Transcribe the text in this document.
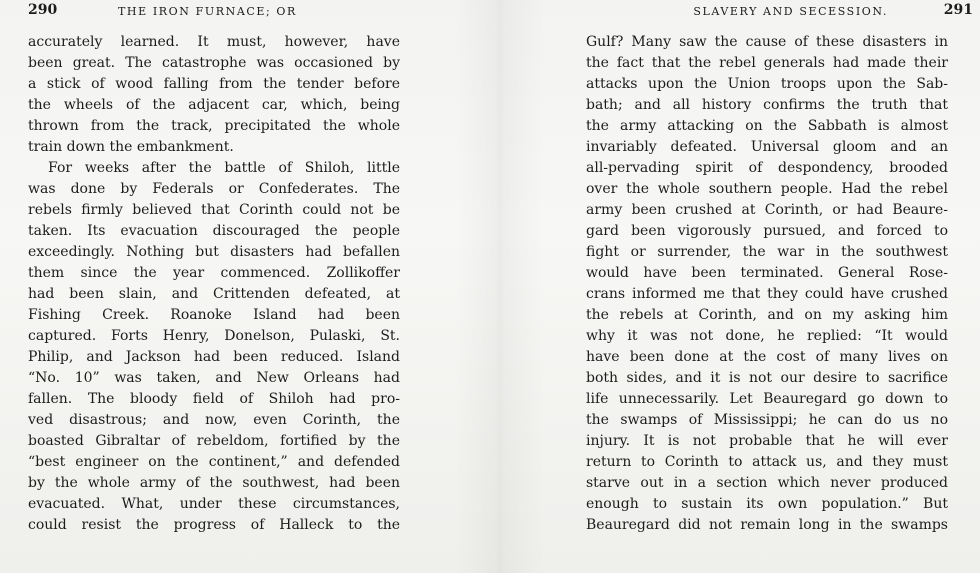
290	THE IRON FURNACE; OR
accurately learned. It must, however, have
been great. The catastrophe was occasioned by
a stick of wood falling from the tender before
the wheels of the adjacent car, which, being
thrown from the track, precipitated the whole
train down the embankment.
For weeks after the battle of Shiloh, little
was done by Federals or Confederates. The
rebels firmly believed that Corinth could not be
taken. Its evacuation discouraged the people
exceedingly. Nothing but disasters had befallen
them since the year commenced. Zollikoffer
had been slain, and Crittenden defeated, at
Fishing Creek. Roanoke Island had been
captured. Forts Henry, Donelson, Pulaski, St.
Philip, and Jackson had been reduced. Island
“No. 10” was taken, and New Orleans had
fallen. The bloody field of Shiloh had pro-
ved disastrous; and now, even Corinth, the
boasted Gibraltar of rebeldom, fortified by the
“best engineer on the continent,” and defended
by the whole army of the southwest, had been
evacuated. What, under these circumstances,
could resist the progress of Halleck to the
SLAVERY AND SECESSION.	291
Gulf? Many saw the cause of these disasters in
the fact that the rebel generals had made their
attacks upon the Union troops upon the Sab-
bath; and all history confirms the truth that
the army attacking on the Sabbath is almost
invariably defeated. Universal gloom and an
all-pervading spirit of despondency, brooded
over the whole southern people. Had the rebel
army been crushed at Corinth, or had Beaure-
gard been vigorously pursued, and forced to
fight or surrender, the war in the southwest
would have been terminated. General Rose-
crans informed me that they could have crushed
the rebels at Corinth, and on my asking him
why it was not done, he replied: “It would
have been done at the cost of many lives on
both sides, and it is not our desire to sacrifice
life unnecessarily. Let Beauregard go down to
the swamps of Mississippi; he can do us no
injury. It is not probable that he will ever
return to Corinth to attack us, and they must
starve out in a section which never produced
enough to sustain its own population.” But
Beauregard did not remain long in the swamps
